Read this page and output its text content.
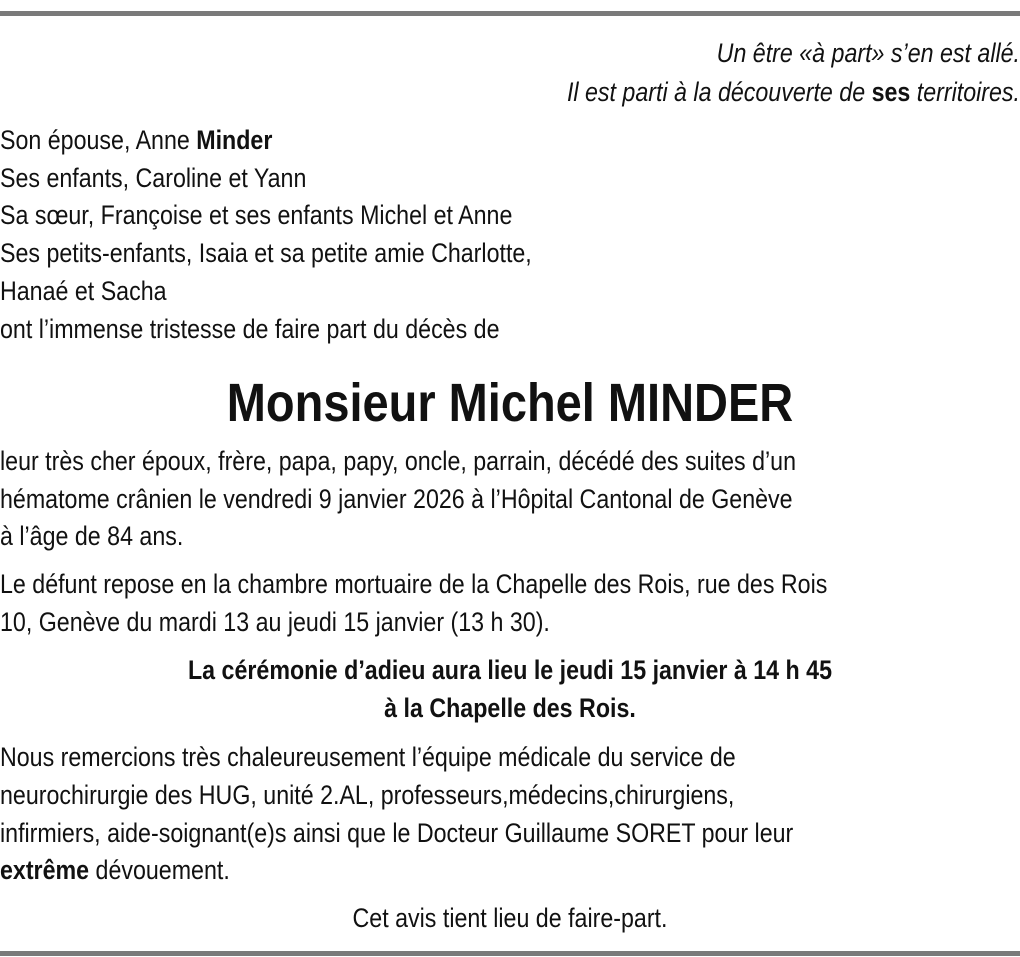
Un être «à part» s’en est allé.
Il est parti à la découverte de ses territoires.
Son épouse, Anne Minder
Ses enfants, Caroline et Yann
Sa sœur, Françoise et ses enfants Michel et Anne
Ses petits-enfants, Isaia et sa petite amie Charlotte,
Hanaé et Sacha
ont l’immense tristesse de faire part du décès de
Monsieur Michel MINDER
leur très cher époux, frère, papa, papy, oncle, parrain, décédé des suites d’un
hématome crânien le vendredi 9 janvier 2026 à l’Hôpital Cantonal de Genève
à l’âge de 84 ans.
Le défunt repose en la chambre mortuaire de la Chapelle des Rois, rue des Rois
10, Genève du mardi 13 au jeudi 15 janvier (13 h 30).
La cérémonie d’adieu aura lieu le jeudi 15 janvier à 14 h 45
à la Chapelle des Rois.
Nous remercions très chaleureusement l’équipe médicale du service de
neurochirurgie des HUG, unité 2.AL, professeurs,médecins,chirurgiens,
infirmiers, aide-soignant(e)s ainsi que le Docteur Guillaume SORET pour leur
extrême dévouement.
Cet avis tient lieu de faire-part.
